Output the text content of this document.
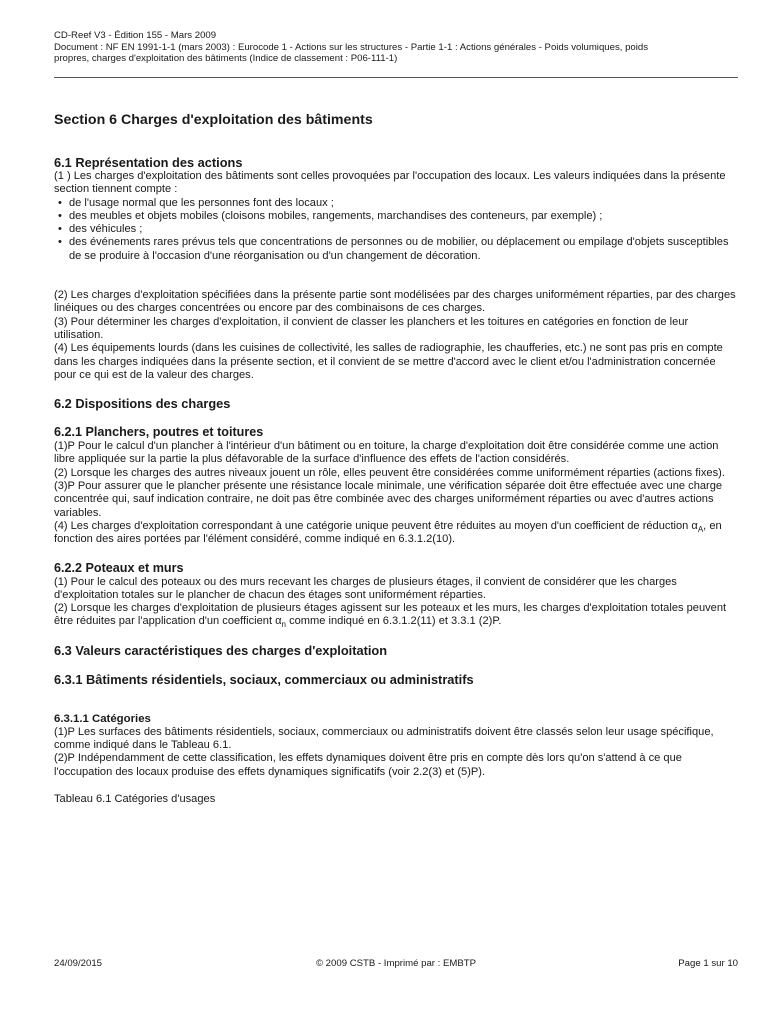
CD-Reef V3 - Édition 155 - Mars 2009
Document : NF EN 1991-1-1 (mars 2003) : Eurocode 1 - Actions sur les structures - Partie 1-1 : Actions générales - Poids volumiques, poids
propres, charges d'exploitation des bâtiments (Indice de classement : P06-111-1)
Section 6 Charges d'exploitation des bâtiments
6.1 Représentation des actions

(1 ) Les charges d'exploitation des bâtiments sont celles provoquées par l'occupation des locaux. Les valeurs indiquées dans la présente section tiennent compte :

• de l'usage normal que les personnes font des locaux ;
• des meubles et objets mobiles (cloisons mobiles, rangements, marchandises des conteneurs, par exemple) ;
• des véhicules ;
• des événements rares prévus tels que concentrations de personnes ou de mobilier, ou déplacement ou empilage d'objets susceptibles de se produire à l'occasion d'une réorganisation ou d'un changement de décoration.

(2) Les charges d'exploitation spécifiées dans la présente partie sont modélisées par des charges uniformément réparties, par des charges linéiques ou des charges concentrées ou encore par des combinaisons de ces charges.

(3) Pour déterminer les charges d'exploitation, il convient de classer les planchers et les toitures en catégories en fonction de leur utilisation.

(4) Les équipements lourds (dans les cuisines de collectivité, les salles de radiographie, les chaufferies, etc.) ne sont pas pris en compte dans les charges indiquées dans la présente section, et il convient de se mettre d'accord avec le client et/ou l'administration concernée pour ce qui est de la valeur des charges.

6.2 Dispositions des charges
6.2.1 Planchers, poutres et toitures

(1)P Pour le calcul d'un plancher à l'intérieur d'un bâtiment ou en toiture, la charge d'exploitation doit être considérée comme une action libre appliquée sur la partie la plus défavorable de la surface d'influence des effets de l'action considérés.

(2) Lorsque les charges des autres niveaux jouent un rôle, elles peuvent être considérées comme uniformément réparties (actions fixes).

(3)P Pour assurer que le plancher présente une résistance locale minimale, une vérification séparée doit être effectuée avec une charge concentrée qui, sauf indication contraire, ne doit pas être combinée avec des charges uniformément réparties ou avec d'autres actions variables.

(4) Les charges d'exploitation correspondant à une catégorie unique peuvent être réduites au moyen d'un coefficient de réduction $\alpha_A$, en fonction des aires portées par l'élément considéré, comme indiqué en 6.3.1.2(10).

6.2.2 Poteaux et murs

(1) Pour le calcul des poteaux ou des murs recevant les charges de plusieurs étages, il convient de considérer que les charges d'exploitation totales sur le plancher de chacun des étages sont uniformément réparties.

(2) Lorsque les charges d'exploitation de plusieurs étages agissent sur les poteaux et les murs, les charges d'exploitation totales peuvent être réduites par l'application d'un coefficient $\alpha_n$ comme indiqué en 6.3.1.2(11) et 3.3.1 (2)P.

6.3 Valeurs caractéristiques des charges d'exploitation
6.3.1 Bâtiments résidentiels, sociaux, commerciaux ou administratifs
6.3.1.1 Catégories

(1)P Les surfaces des bâtiments résidentiels, sociaux, commerciaux ou administratifs doivent être classés selon leur usage spécifique, comme indiqué dans le Tableau 6.1.

(2)P Indépendamment de cette classification, les effets dynamiques doivent être pris en compte dès lors qu'on s'attend à ce que l'occupation des locaux produise des effets dynamiques significatifs (voir 2.2(3) et (5)P).

Tableau 6.1 Catégories d'usages

24/09/2015	© 2009 CSTB - Imprimé par : EMBTP	Page 1 sur 10
